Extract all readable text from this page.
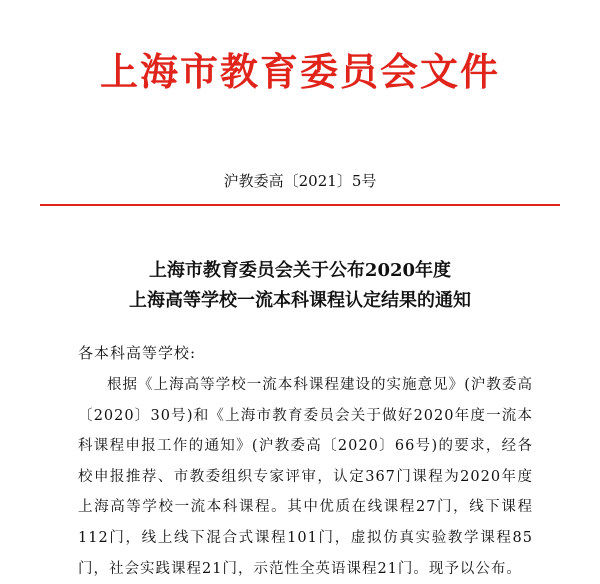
上海市教育委员会文件
沪教委高〔2021〕5号
上海市教育委员会关于公布2020年度
上海高等学校一流本科课程认定结果的通知
各本科高等学校:
根据《上海高等学校一流本科课程建设的实施意见》(沪教委高〔2020〕30号)和《上海市教育委员会关于做好2020年度一流本科课程申报工作的通知》(沪教委高〔2020〕66号)的要求，经各校申报推荐、市教委组织专家评审，认定367门课程为2020年度上海高等学校一流本科课程。其中优质在线课程27门，线下课程112门，线上线下混合式课程101门，虚拟仿真实验教学课程85门，社会实践课程21门，示范性全英语课程21门。现予以公布。
